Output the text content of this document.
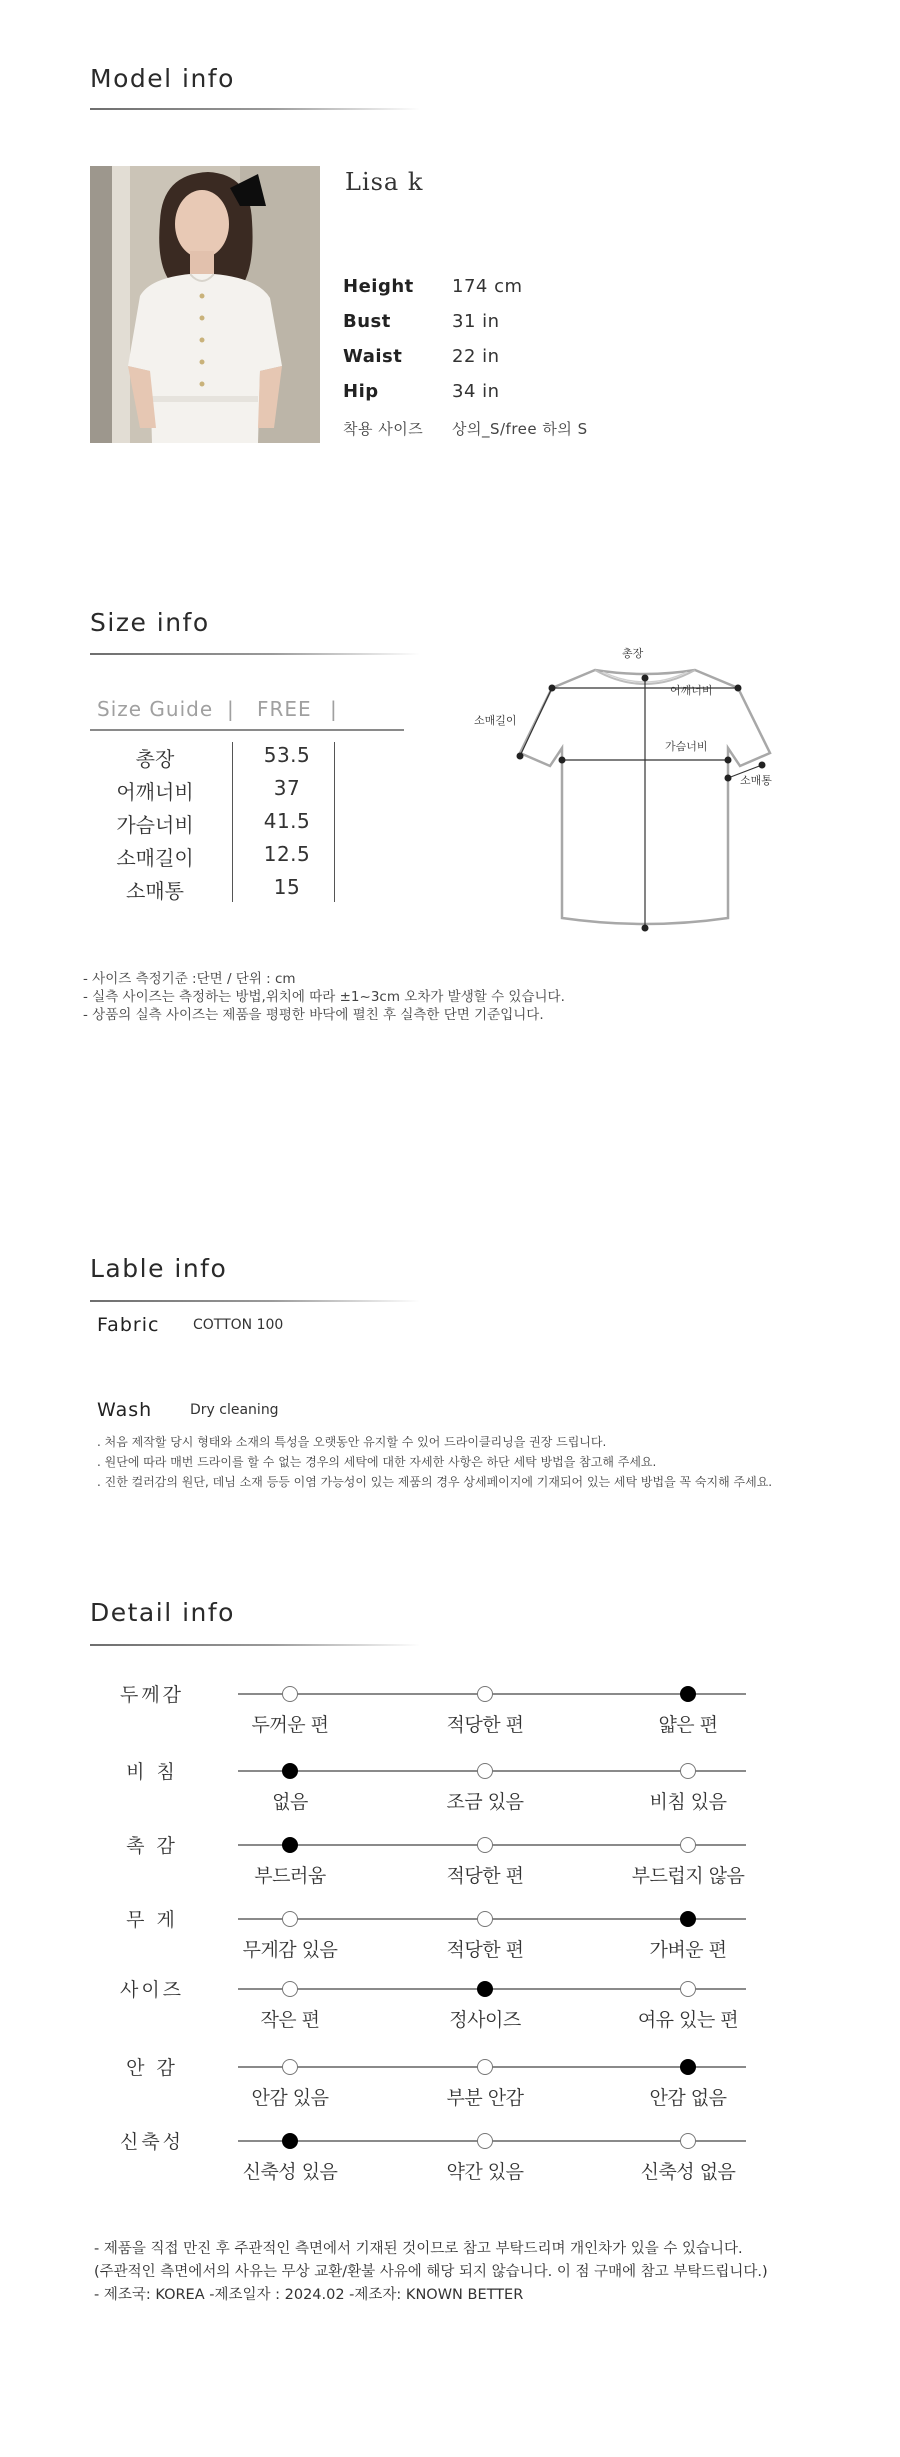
Model info
Lisa k
Height 174 cm
Bust	31 in
Waist	22 in
Hip	34 in
착용 사이즈 상의_S/free 하의 S
Size info
Size Guide | FREE |
총장	53.5
어깨너비	37
가슴너비	41.5
소매길이	12.5
소매통	15
총장
어깨너비
소매길이
가슴너비
소매통
- 사이즈 측정기준 :단면 / 단위 : cm
- 실측 사이즈는 측정하는 방법,위치에 따라 ±1~3cm 오차가 발생할 수 있습니다.
- 상품의 실측 사이즈는 제품을 평평한 바닥에 펼친 후 실측한 단면 기준입니다.
Lable info
Fabric COTTON 100
Wash	Dry cleaning
. 처음 제작할 당시 형태와 소재의 특성을 오랫동안 유지할 수 있어 드라이클리닝을 권장 드립니다.
. 원단에 따라 매번 드라이를 할 수 없는 경우의 세탁에 대한 자세한 사항은 하단 세탁 방법을 참고해 주세요.
. 진한 컬러감의 원단, 데님 소재 등등 이염 가능성이 있는 제품의 경우 상세페이지에 기재되어 있는 세탁 방법을 꼭 숙지해 주세요.
Detail info
두께감
두꺼운 편	적당한 편	얇은 편
비 침
없음	조금 있음	비침 있음
촉 감
부드러움	적당한 편	부드럽지 않음
무 게
무게감 있음	적당한 편	가벼운 편
사이즈
작은 편	정사이즈	여유 있는 편
안 감
안감 있음	부분 안감	안감 없음
신축성
신축성 있음	약간 있음	신축성 없음
- 제품을 직접 만진 후 주관적인 측면에서 기재된 것이므로 참고 부탁드리며 개인차가 있을 수 있습니다.
(주관적인 측면에서의 사유는 무상 교환/환불 사유에 해당 되지 않습니다. 이 점 구매에 참고 부탁드립니다.)
- 제조국: KOREA -제조일자 : 2024.02 -제조자: KNOWN BETTER
